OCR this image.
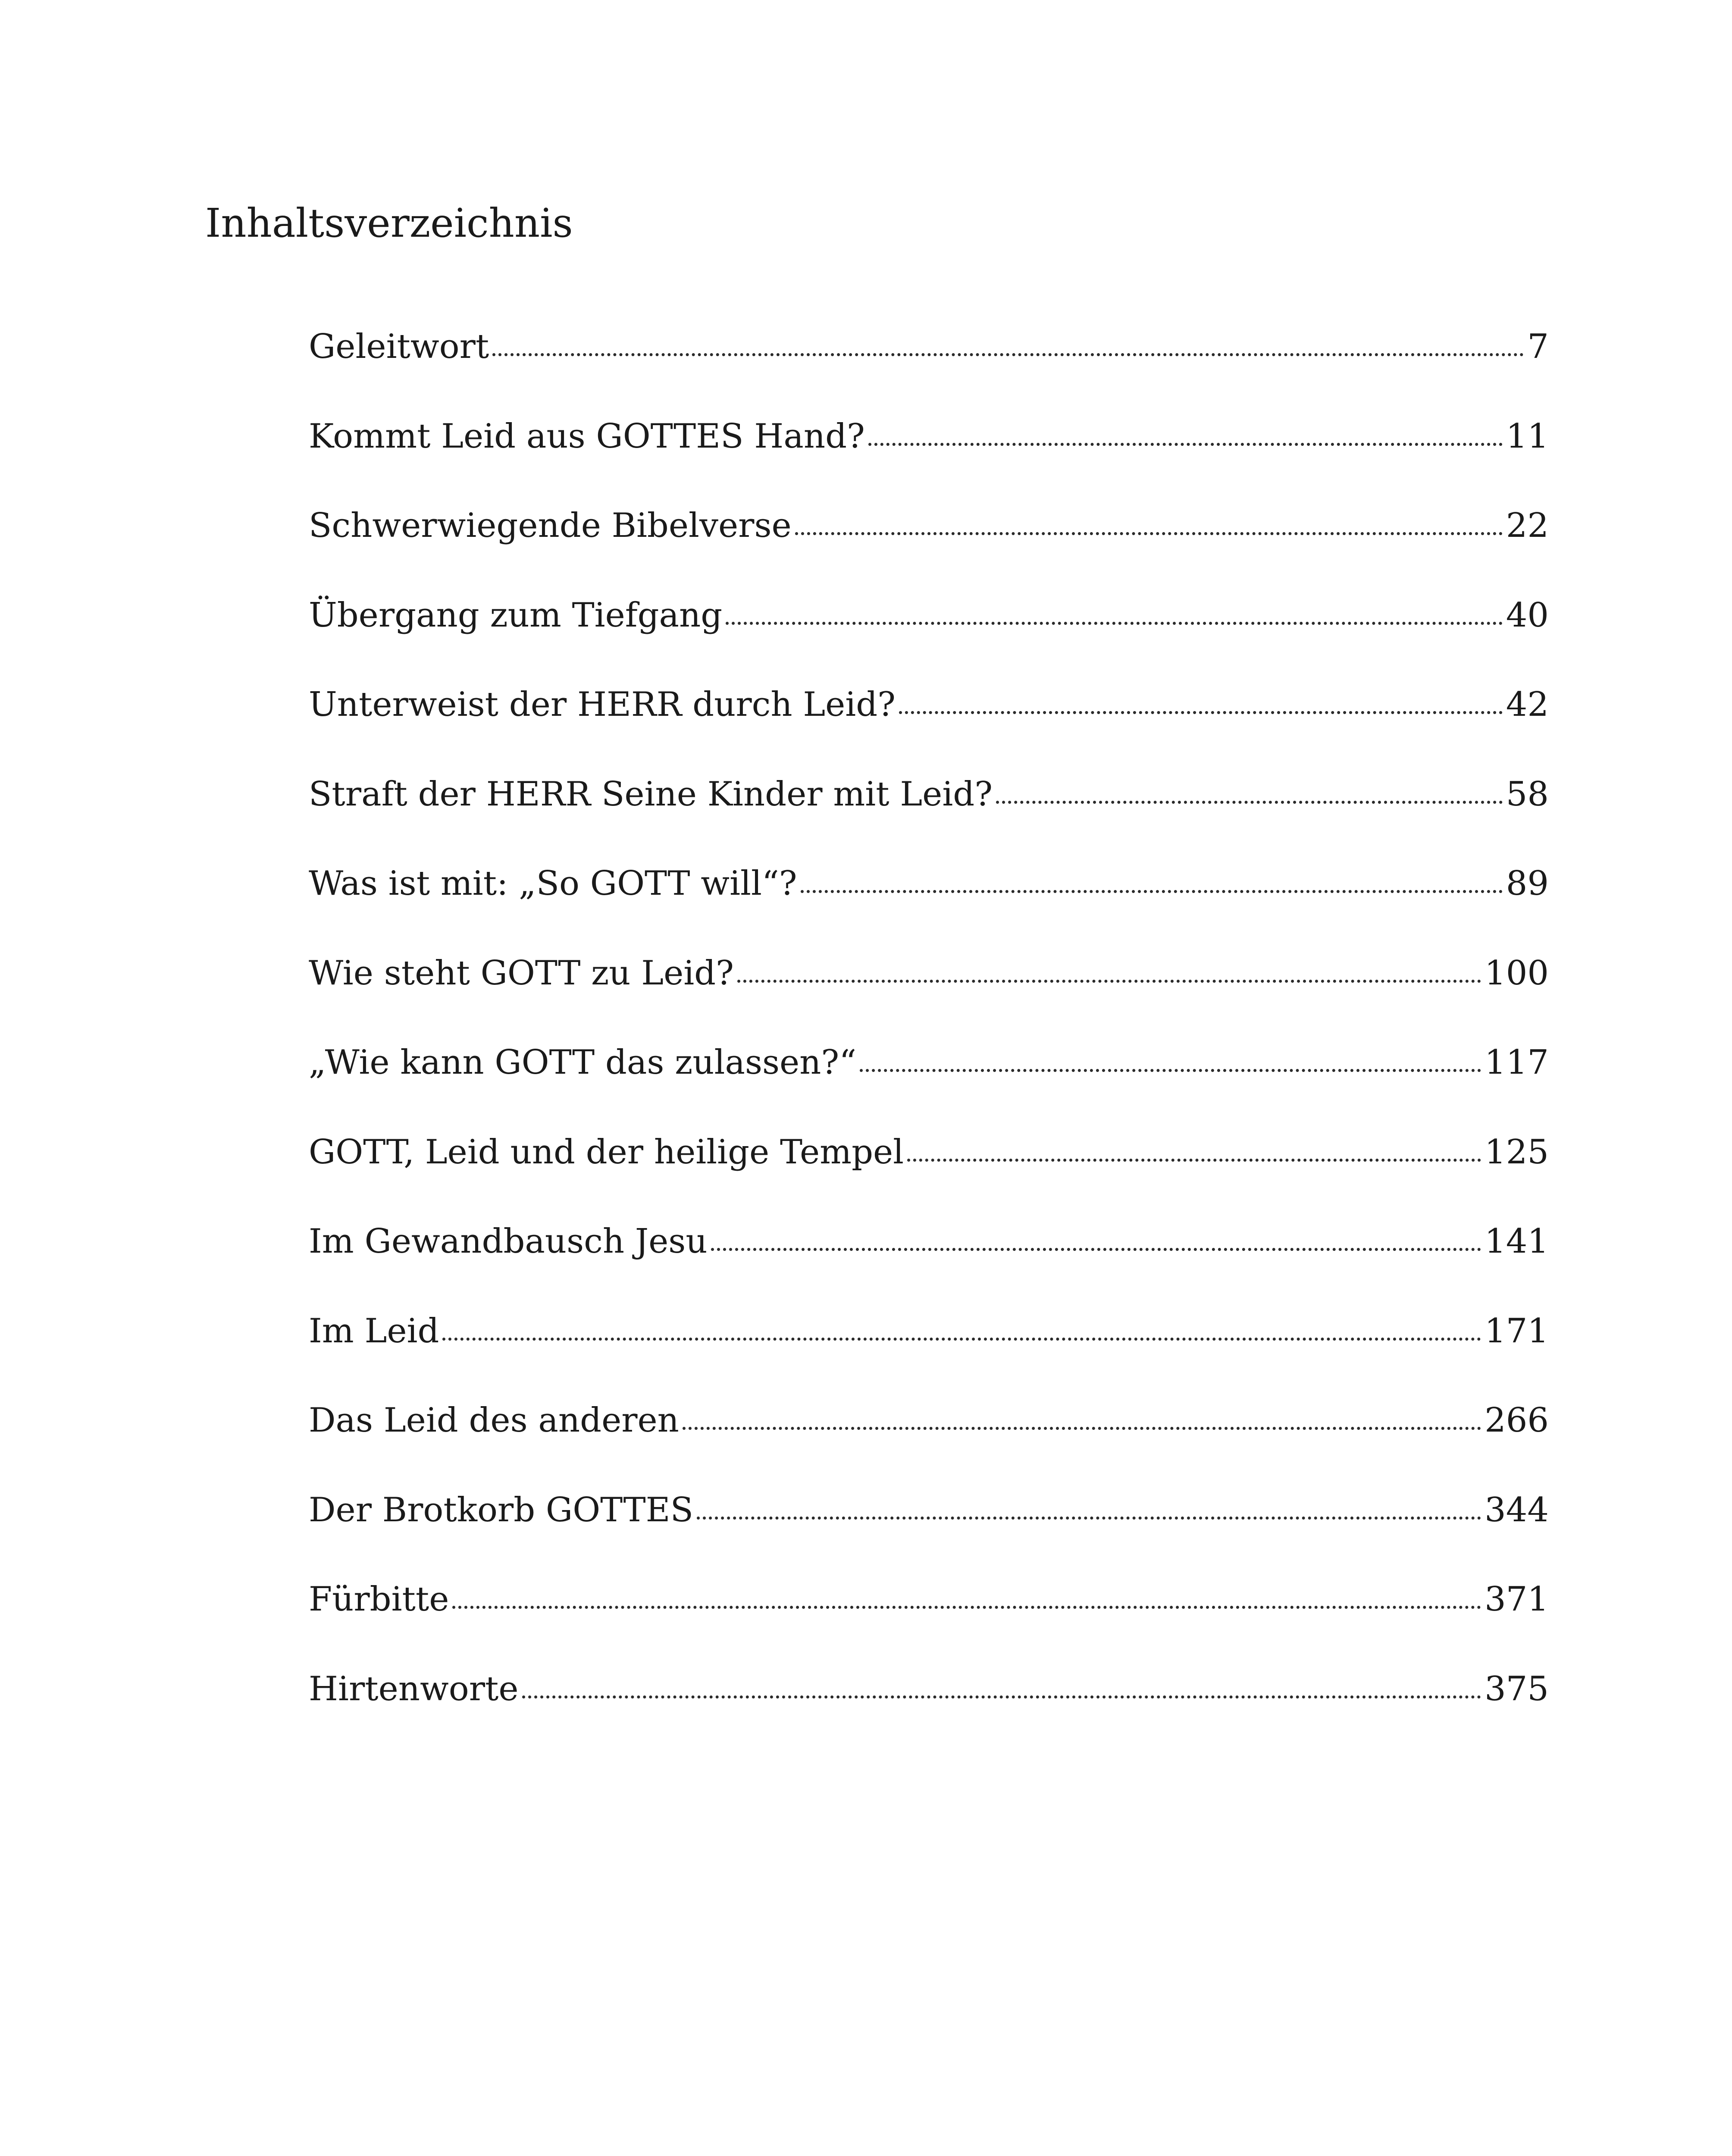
Inhaltsverzeichnis
Geleitwort	7
Kommt Leid aus GOTTES Hand?	11
Schwerwiegende Bibelverse	22
Übergang zum Tiefgang	40
Unterweist der HERR durch Leid?	42
Straft der HERR Seine Kinder mit Leid?	58
Was ist mit: „So GOTT will“?	89
Wie steht GOTT zu Leid?	100
„Wie kann GOTT das zulassen?“	117
GOTT, Leid und der heilige Tempel	125
Im Gewandbausch Jesu	141
Im Leid	171
Das Leid des anderen	266
Der Brotkorb GOTTES	344
Fürbitte	371
Hirtenworte	375
